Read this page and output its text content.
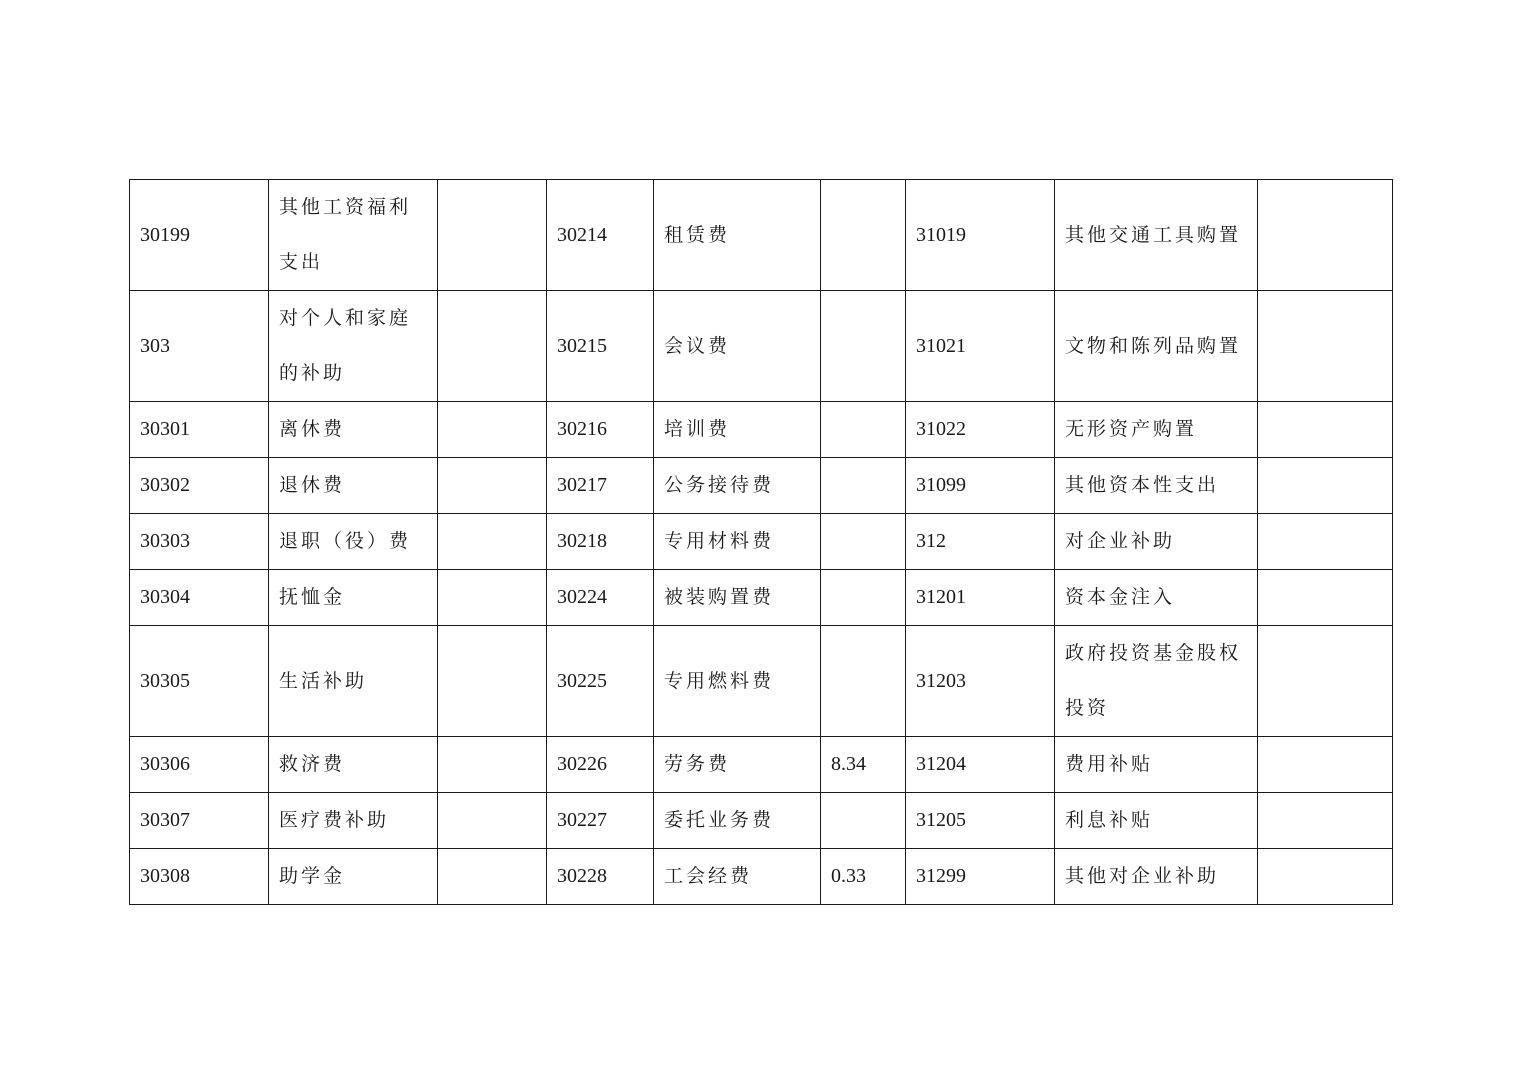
30199	其他工资福利支出		30214	租赁费		31019	其他交通工具购置	
303	对个人和家庭的补助		30215	会议费		31021	文物和陈列品购置	
30301	离休费		30216	培训费		31022	无形资产购置	
30302	退休费		30217	公务接待费		31099	其他资本性支出	
30303	退职（役）费		30218	专用材料费		312	对企业补助	
30304	抚恤金		30224	被装购置费		31201	资本金注入	
30305	生活补助		30225	专用燃料费		31203	政府投资基金股权投资	
30306	救济费		30226	劳务费	8.34	31204	费用补贴	
30307	医疗费补助		30227	委托业务费		31205	利息补贴	
30308	助学金		30228	工会经费	0.33	31299	其他对企业补助	
